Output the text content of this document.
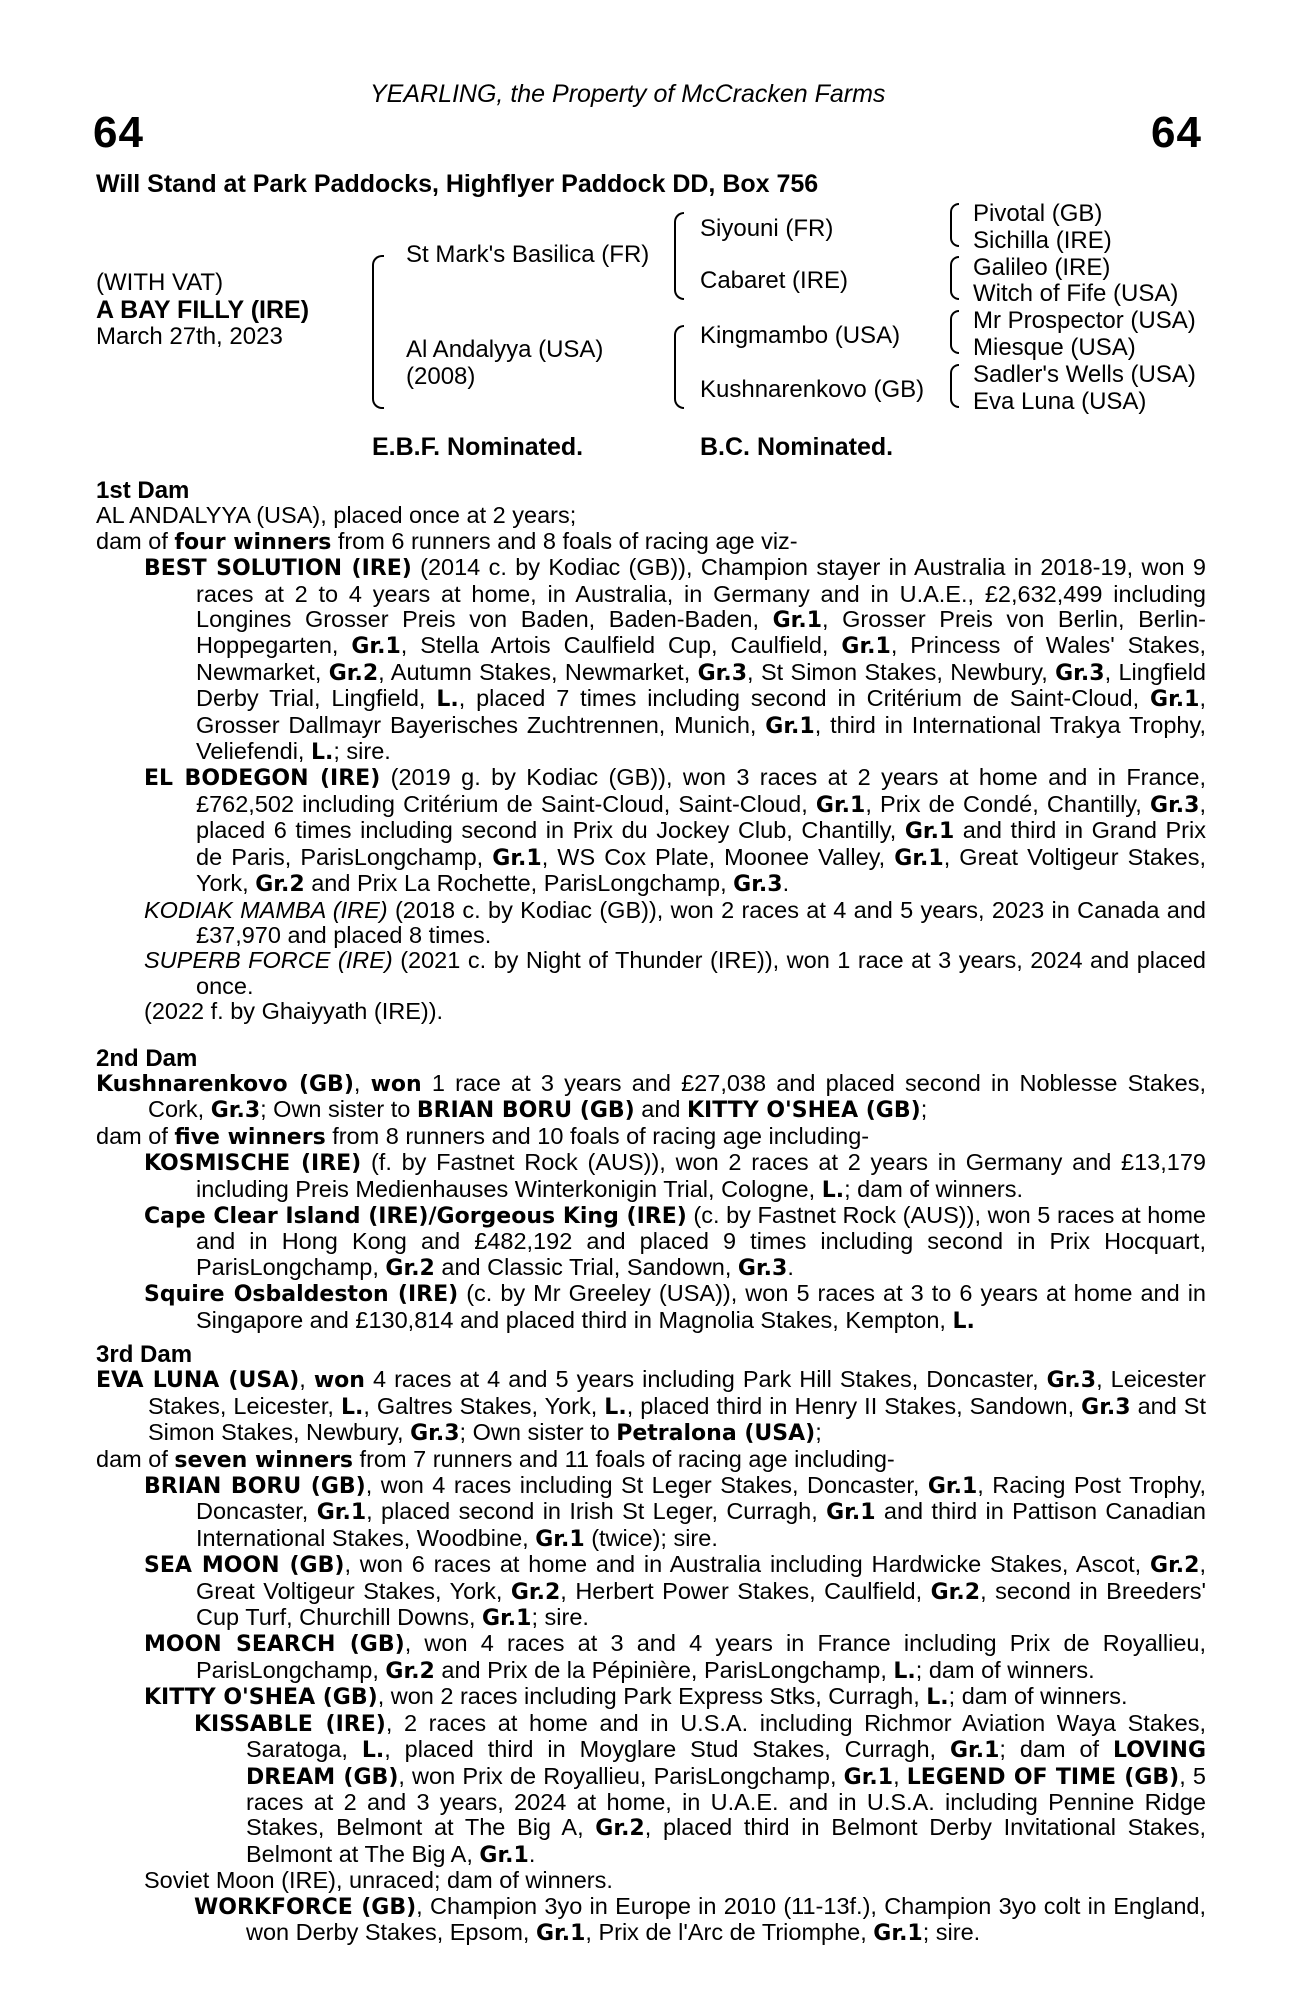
YEARLING, the Property of McCracken Farms
64	64
Will Stand at Park Paddocks, Highflyer Paddock DD, Box 756
(WITH VAT)
A BAY FILLY (IRE)
March 27th, 2023
St Mark's Basilica (FR)
Al Andalyya (USA)
(2008)
Siyouni (FR)
Cabaret (IRE)
Kingmambo (USA)
Kushnarenkovo (GB)
Pivotal (GB)
Sichilla (IRE)
Galileo (IRE)
Witch of Fife (USA)
Mr Prospector (USA)
Miesque (USA)
Sadler's Wells (USA)
Eva Luna (USA)
E.B.F. Nominated.	B.C. Nominated.
1st Dam
AL ANDALYYA (USA), placed once at 2 years;
dam of four winners from 6 runners and 8 foals of racing age viz-
BEST SOLUTION (IRE) (2014 c. by Kodiac (GB)), Champion stayer in Australia in 2018-19, won 9 races at 2 to 4 years at home, in Australia, in Germany and in U.A.E., £2,632,499 including Longines Grosser Preis von Baden, Baden-Baden, Gr.1, Grosser Preis von Berlin, Berlin-Hoppegarten, Gr.1, Stella Artois Caulfield Cup, Caulfield, Gr.1, Princess of Wales' Stakes, Newmarket, Gr.2, Autumn Stakes, Newmarket, Gr.3, St Simon Stakes, Newbury, Gr.3, Lingfield Derby Trial, Lingfield, L., placed 7 times including second in Critérium de Saint-Cloud, Gr.1, Grosser Dallmayr Bayerisches Zuchtrennen, Munich, Gr.1, third in International Trakya Trophy, Veliefendi, L.; sire.
EL BODEGON (IRE) (2019 g. by Kodiac (GB)), won 3 races at 2 years at home and in France, £762,502 including Critérium de Saint-Cloud, Saint-Cloud, Gr.1, Prix de Condé, Chantilly, Gr.3, placed 6 times including second in Prix du Jockey Club, Chantilly, Gr.1 and third in Grand Prix de Paris, ParisLongchamp, Gr.1, WS Cox Plate, Moonee Valley, Gr.1, Great Voltigeur Stakes, York, Gr.2 and Prix La Rochette, ParisLongchamp, Gr.3.
KODIAK MAMBA (IRE) (2018 c. by Kodiac (GB)), won 2 races at 4 and 5 years, 2023 in Canada and £37,970 and placed 8 times.
SUPERB FORCE (IRE) (2021 c. by Night of Thunder (IRE)), won 1 race at 3 years, 2024 and placed once.
(2022 f. by Ghaiyyath (IRE)).
2nd Dam
Kushnarenkovo (GB), won 1 race at 3 years and £27,038 and placed second in Noblesse Stakes, Cork, Gr.3; Own sister to BRIAN BORU (GB) and KITTY O'SHEA (GB);
dam of five winners from 8 runners and 10 foals of racing age including-
KOSMISCHE (IRE) (f. by Fastnet Rock (AUS)), won 2 races at 2 years in Germany and £13,179 including Preis Medienhauses Winterkonigin Trial, Cologne, L.; dam of winners.
Cape Clear Island (IRE)/Gorgeous King (IRE) (c. by Fastnet Rock (AUS)), won 5 races at home and in Hong Kong and £482,192 and placed 9 times including second in Prix Hocquart, ParisLongchamp, Gr.2 and Classic Trial, Sandown, Gr.3.
Squire Osbaldeston (IRE) (c. by Mr Greeley (USA)), won 5 races at 3 to 6 years at home and in Singapore and £130,814 and placed third in Magnolia Stakes, Kempton, L.
3rd Dam
EVA LUNA (USA), won 4 races at 4 and 5 years including Park Hill Stakes, Doncaster, Gr.3, Leicester Stakes, Leicester, L., Galtres Stakes, York, L., placed third in Henry II Stakes, Sandown, Gr.3 and St Simon Stakes, Newbury, Gr.3; Own sister to Petralona (USA);
dam of seven winners from 7 runners and 11 foals of racing age including-
BRIAN BORU (GB), won 4 races including St Leger Stakes, Doncaster, Gr.1, Racing Post Trophy, Doncaster, Gr.1, placed second in Irish St Leger, Curragh, Gr.1 and third in Pattison Canadian International Stakes, Woodbine, Gr.1 (twice); sire.
SEA MOON (GB), won 6 races at home and in Australia including Hardwicke Stakes, Ascot, Gr.2, Great Voltigeur Stakes, York, Gr.2, Herbert Power Stakes, Caulfield, Gr.2, second in Breeders' Cup Turf, Churchill Downs, Gr.1; sire.
MOON SEARCH (GB), won 4 races at 3 and 4 years in France including Prix de Royallieu, ParisLongchamp, Gr.2 and Prix de la Pépinière, ParisLongchamp, L.; dam of winners.
KITTY O'SHEA (GB), won 2 races including Park Express Stks, Curragh, L.; dam of winners.
KISSABLE (IRE), 2 races at home and in U.S.A. including Richmor Aviation Waya Stakes, Saratoga, L., placed third in Moyglare Stud Stakes, Curragh, Gr.1; dam of LOVING DREAM (GB), won Prix de Royallieu, ParisLongchamp, Gr.1, LEGEND OF TIME (GB), 5 races at 2 and 3 years, 2024 at home, in U.A.E. and in U.S.A. including Pennine Ridge Stakes, Belmont at The Big A, Gr.2, placed third in Belmont Derby Invitational Stakes, Belmont at The Big A, Gr.1.
Soviet Moon (IRE), unraced; dam of winners.
WORKFORCE (GB), Champion 3yo in Europe in 2010 (11-13f.), Champion 3yo colt in England, won Derby Stakes, Epsom, Gr.1, Prix de l'Arc de Triomphe, Gr.1; sire.
